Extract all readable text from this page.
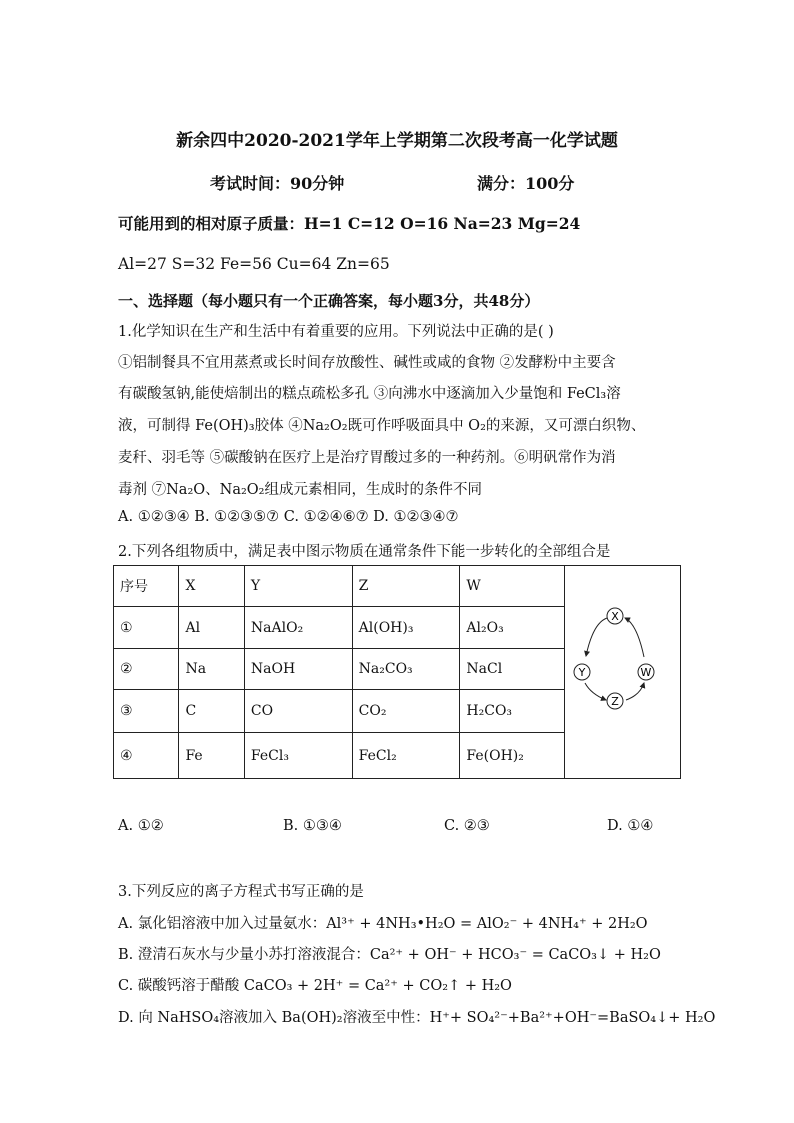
新余四中2020-2021学年上学期第二次段考高一化学试题
考试时间：90分钟	满分：100分
可能用到的相对原子质量：H=1 C=12 O=16 Na=23 Mg=24
Al=27 S=32 Fe=56 Cu=64 Zn=65
一、选择题（每小题只有一个正确答案，每小题3分，共48分）
1.化学知识在生产和生活中有着重要的应用。下列说法中正确的是( )
①铝制餐具不宜用蒸煮或长时间存放酸性、碱性或咸的食物 ②发酵粉中主要含
有碳酸氢钠,能使焙制出的糕点疏松多孔 ③向沸水中逐滴加入少量饱和 FeCl₃溶
液，可制得 Fe(OH)₃胶体 ④Na₂O₂既可作呼吸面具中 O₂的来源，又可漂白织物、
麦秆、羽毛等 ⑤碳酸钠在医疗上是治疗胃酸过多的一种药剂。⑥明矾常作为消
毒剂 ⑦Na₂O、Na₂O₂组成元素相同，生成时的条件不同
A. ①②③④ B. ①②③⑤⑦ C. ①②④⑥⑦ D. ①②③④⑦
2.下列各组物质中，满足表中图示物质在通常条件下能一步转化的全部组合是
序号	X	Y	Z	W	
①	Al	NaAlO₂	Al(OH)₃	Al₂O₃	
②	Na	NaOH	Na₂CO₃	NaCl	
③	C	CO	CO₂	H₂CO₃	
④	Fe	FeCl₃	FeCl₂	Fe(OH)₂	
X
W
Z
Y
A. ①②	B. ①③④	C. ②③	D. ①④
3.下列反应的离子方程式书写正确的是
A. 氯化铝溶液中加入过量氨水：Al³⁺ + 4NH₃•H₂O = AlO₂⁻ + 4NH₄⁺ + 2H₂O
B. 澄清石灰水与少量小苏打溶液混合：Ca²⁺ + OH⁻ + HCO₃⁻ = CaCO₃↓ + H₂O
C. 碳酸钙溶于醋酸 CaCO₃ + 2H⁺ = Ca²⁺ + CO₂↑ + H₂O
D. 向 NaHSO₄溶液加入 Ba(OH)₂溶液至中性：H⁺+ SO₄²⁻+Ba²⁺+OH⁻=BaSO₄↓+ H₂O
